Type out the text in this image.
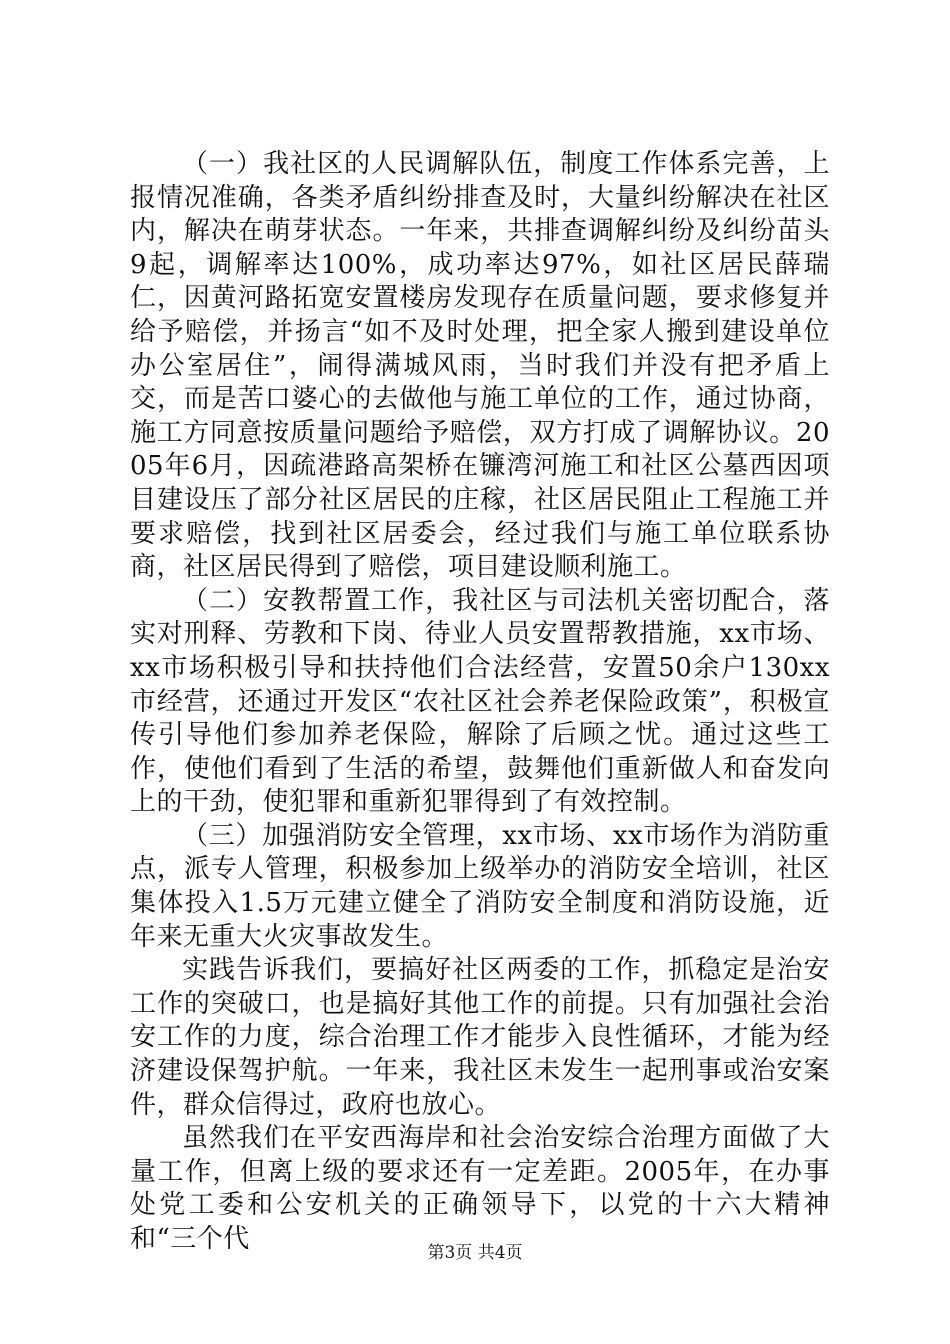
（一）我社区的人民调解队伍，制度工作体系完善，上报情况准确，各类矛盾纠纷排查及时，大量纠纷解决在社区内，解决在萌芽状态。一年来，共排查调解纠纷及纠纷苗头9起，调解率达100%，成功率达97%，如社区居民薛瑞仁，因黄河路拓宽安置楼房发现存在质量问题，要求修复并给予赔偿，并扬言“如不及时处理，把全家人搬到建设单位办公室居住”，闹得满城风雨，当时我们并没有把矛盾上交，而是苦口婆心的去做他与施工单位的工作，通过协商，施工方同意按质量问题给予赔偿，双方打成了调解协议。2005年6月，因疏港路高架桥在镰湾河施工和社区公墓西因项目建设压了部分社区居民的庄稼，社区居民阻止工程施工并要求赔偿，找到社区居委会，经过我们与施工单位联系协商，社区居民得到了赔偿，项目建设顺利施工。

（二）安教帮置工作，我社区与司法机关密切配合，落实对刑释、劳教和下岗、待业人员安置帮教措施，xx市场、xx市场积极引导和扶持他们合法经营，安置50余户130xx市经营，还通过开发区“农社区社会养老保险政策”，积极宣传引导他们参加养老保险，解除了后顾之忧。通过这些工作，使他们看到了生活的希望，鼓舞他们重新做人和奋发向上的干劲，使犯罪和重新犯罪得到了有效控制。

（三）加强消防安全管理，xx市场、xx市场作为消防重点，派专人管理，积极参加上级举办的消防安全培训，社区集体投入1.5万元建立健全了消防安全制度和消防设施，近年来无重大火灾事故发生。

实践告诉我们，要搞好社区两委的工作，抓稳定是治安工作的突破口，也是搞好其他工作的前提。只有加强社会治安工作的力度，综合治理工作才能步入良性循环，才能为经济建设保驾护航。一年来，我社区未发生一起刑事或治安案件，群众信得过，政府也放心。

虽然我们在平安西海岸和社会治安综合治理方面做了大量工作，但离上级的要求还有一定差距。2005年，在办事处党工委和公安机关的正确领导下，以党的十六大精神和“三个代	第3页 共4页
